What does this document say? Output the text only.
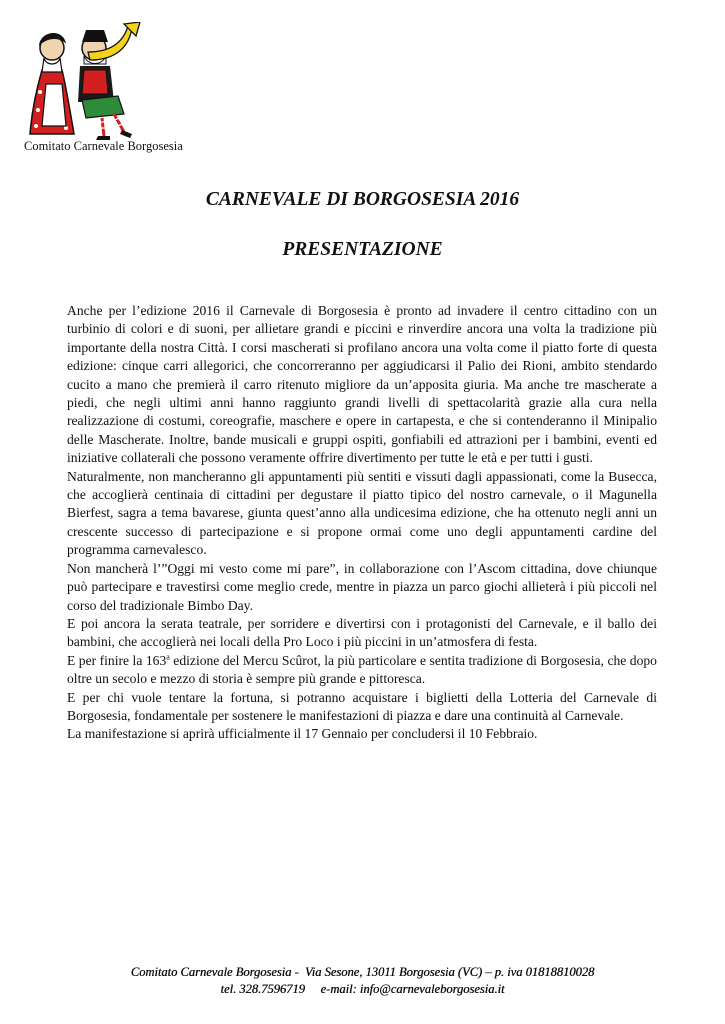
Comitato Carnevale Borgosesia
CARNEVALE DI BORGOSESIA 2016
PRESENTAZIONE

Anche per l’edizione 2016 il Carnevale di Borgosesia è pronto ad invadere il centro cittadino con un turbinio di colori e di suoni, per allietare grandi e piccini e rinverdire ancora una volta la tradizione più importante della nostra Città. I corsi mascherati si profilano ancora una volta come il piatto forte di questa edizione: cinque carri allegorici, che concorreranno per aggiudicarsi il Palio dei Rioni, ambito stendardo cucito a mano che premierà il carro ritenuto migliore da un’apposita giuria. Ma anche tre mascherate a piedi, che negli ultimi anni hanno raggiunto grandi livelli di spettacolarità grazie alla cura nella realizzazione di costumi, coreografie, maschere e opere in cartapesta, e che si contenderanno il Minipalio delle Mascherate. Inoltre, bande musicali e gruppi ospiti, gonfiabili ed attrazioni per i bambini, eventi ed iniziative collaterali che possono veramente offrire divertimento per tutte le età e per tutti i gusti.

Naturalmente, non mancheranno gli appuntamenti più sentiti e vissuti dagli appassionati, come la Busecca, che accoglierà centinaia di cittadini per degustare il piatto tipico del nostro carnevale, o il Magunella Bierfest, sagra a tema bavarese, giunta quest’anno alla undicesima edizione, che ha ottenuto negli anni un crescente successo di partecipazione e si propone ormai come uno degli appuntamenti cardine del programma carnevalesco.

Non mancherà l’”Oggi mi vesto come mi pare”, in collaborazione con l’Ascom cittadina, dove chiunque può partecipare e travestirsi come meglio crede, mentre in piazza un parco giochi allieterà i più piccoli nel corso del tradizionale Bimbo Day.

E poi ancora la serata teatrale, per sorridere e divertirsi con i protagonisti del Carnevale, e il ballo dei bambini, che accoglierà nei locali della Pro Loco i più piccini in un’atmosfera di festa.

E per finire la 163$^a$ edizione del Mercu Scûrot, la più particolare e sentita tradizione di Borgosesia, che dopo oltre un secolo e mezzo di storia è sempre più grande e pittoresca.

E per chi vuole tentare la fortuna, si potranno acquistare i biglietti della Lotteria del Carnevale di Borgosesia, fondamentale per sostenere le manifestazioni di piazza e dare una continuità al Carnevale.

La manifestazione si aprirà ufficialmente il 17 Gennaio per concludersi il 10 Febbraio.

Comitato Carnevale Borgosesia -  Via Sesone, 13011 Borgosesia (VC) – p. iva 01818810028
tel. 328.7596719     e-mail: info@carnevaleborgosesia.it
